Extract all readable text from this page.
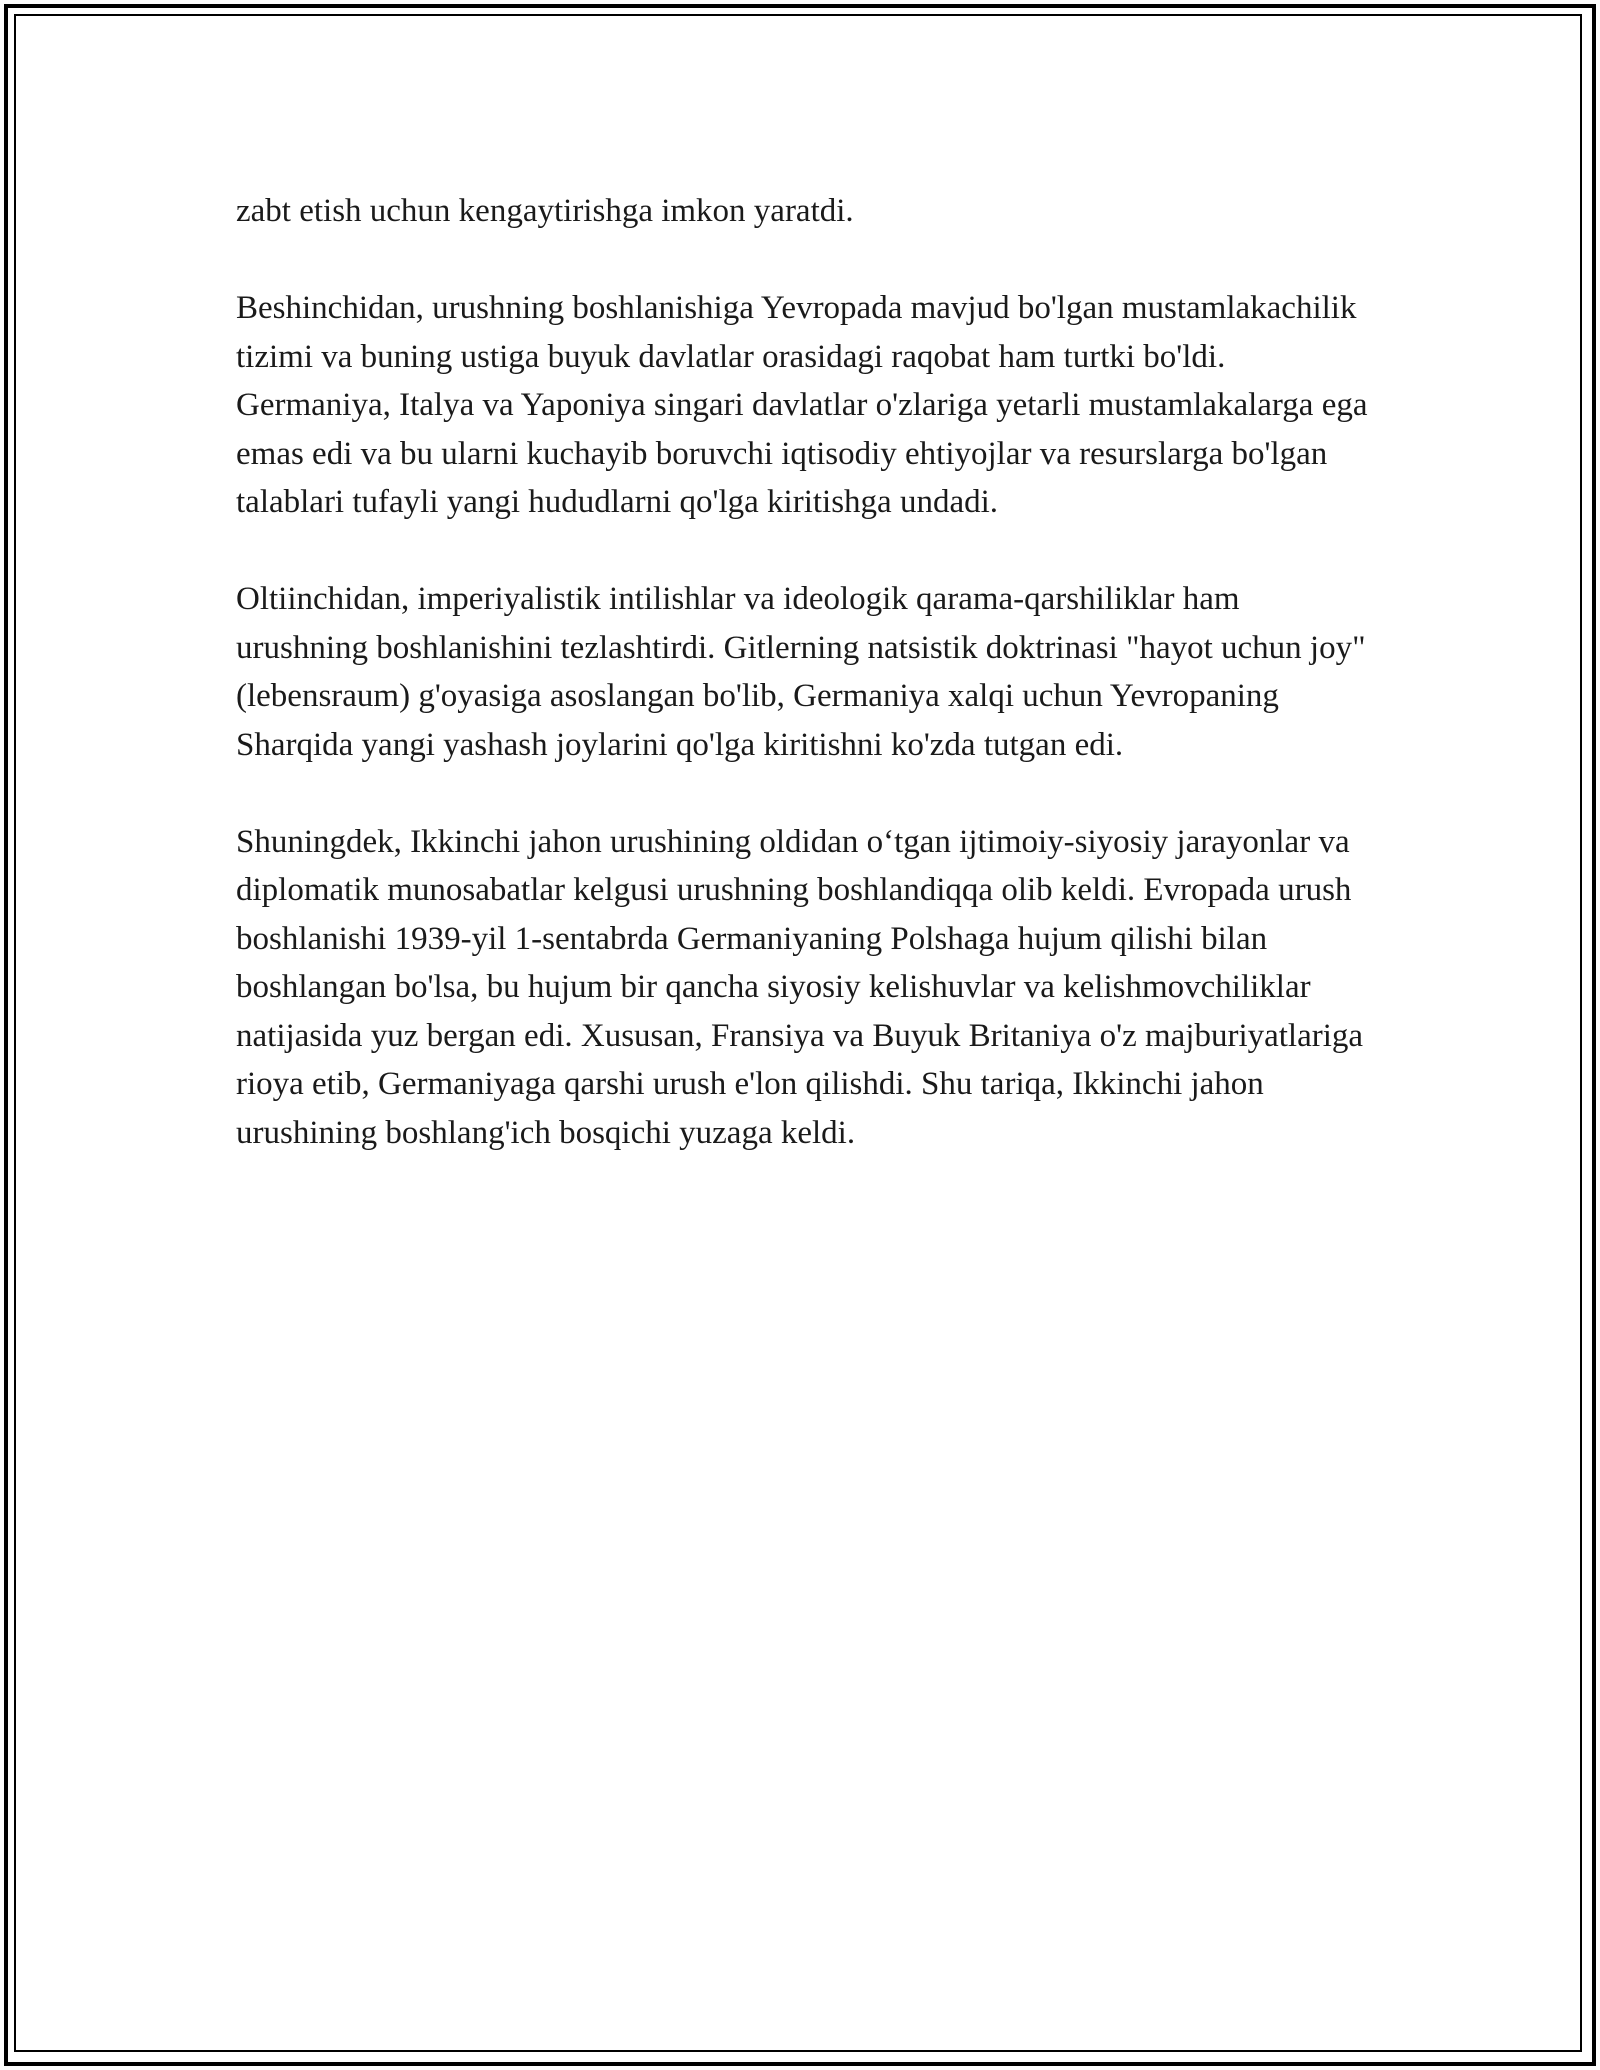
zabt etish uchun kengaytirishga imkon yaratdi.

Beshinchidan, urushning boshlanishiga Yevropada mavjud bo'lgan mustamlakachilik tizimi va buning ustiga buyuk davlatlar orasidagi raqobat ham turtki bo'ldi. Germaniya, Italya va Yaponiya singari davlatlar o'zlariga yetarli mustamlakalarga ega emas edi va bu ularni kuchayib boruvchi iqtisodiy ehtiyojlar va resurslarga bo'lgan talablari tufayli yangi hududlarni qo'lga kiritishga undadi.

Oltiinchidan, imperiyalistik intilishlar va ideologik qarama-qarshiliklar ham urushning boshlanishini tezlashtirdi. Gitlerning natsistik doktrinasi "hayot uchun joy" (lebensraum) g'oyasiga asoslangan bo'lib, Germaniya xalqi uchun Yevropaning Sharqida yangi yashash joylarini qo'lga kiritishni ko'zda tutgan edi.

Shuningdek, Ikkinchi jahon urushining oldidan o‘tgan ijtimoiy-siyosiy jarayonlar va diplomatik munosabatlar kelgusi urushning boshlandiqqa olib keldi. Evropada urush boshlanishi 1939-yil 1-sentabrda Germaniyaning Polshaga hujum qilishi bilan boshlangan bo'lsa, bu hujum bir qancha siyosiy kelishuvlar va kelishmovchiliklar natijasida yuz bergan edi. Xususan, Fransiya va Buyuk Britaniya o'z majburiyatlariga rioya etib, Germaniyaga qarshi urush e'lon qilishdi. Shu tariqa, Ikkinchi jahon urushining boshlang'ich bosqichi yuzaga keldi.
